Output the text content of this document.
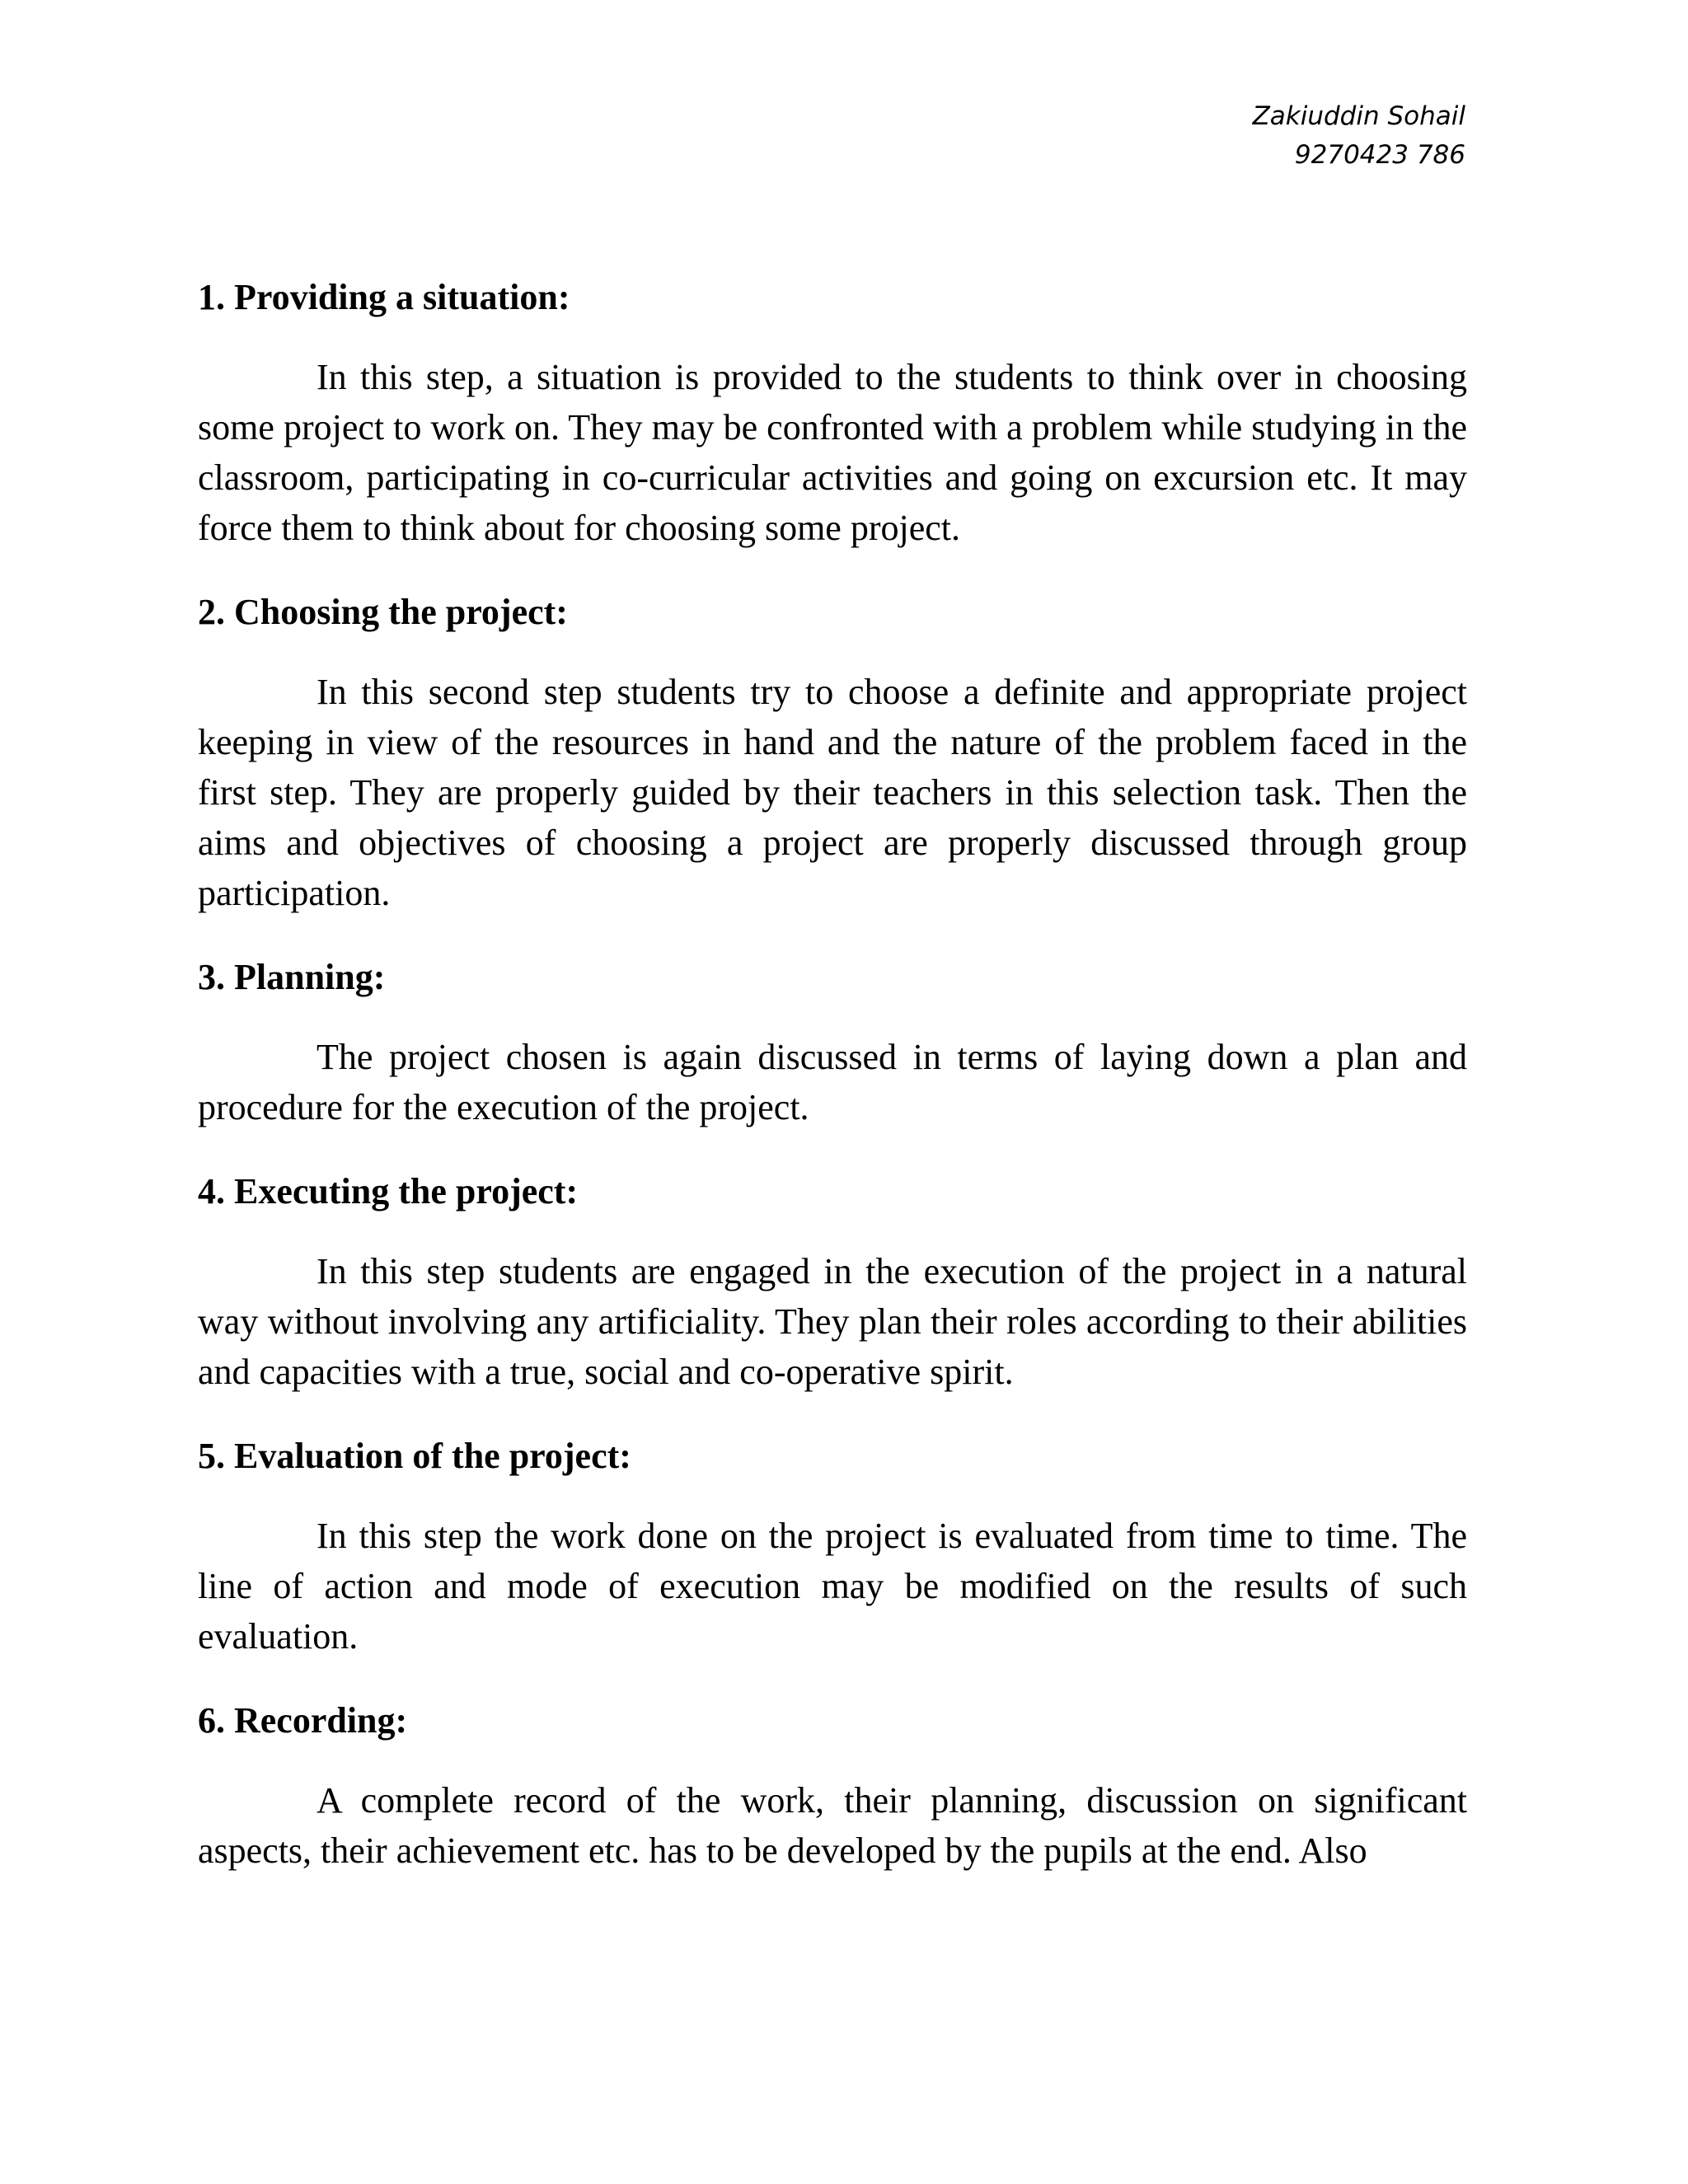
Zakiuddin Sohail
9270423 786

1. Providing a situation:

In this step, a situation is provided to the students to think over in choosing some project to work on. They may be confronted with a problem while studying in the classroom, participating in co-curricular activities and going on excursion etc. It may force them to think about for choosing some project.

2. Choosing the project:

In this second step students try to choose a definite and appropriate project keeping in view of the resources in hand and the nature of the problem faced in the first step. They are properly guided by their teachers in this selection task. Then the aims and objectives of choosing a project are properly discussed through group participation.

3. Planning:

The project chosen is again discussed in terms of laying down a plan and procedure for the execution of the project.

4. Executing the project:

In this step students are engaged in the execution of the project in a natural way without involving any artificiality. They plan their roles according to their abilities and capacities with a true, social and co-operative spirit.

5. Evaluation of the project:

In this step the work done on the project is evaluated from time to time. The line of action and mode of execution may be modified on the results of such evaluation.

6. Recording:

A complete record of the work, their planning, discussion on significant aspects, their achievement etc. has to be developed by the pupils at the end. Also
